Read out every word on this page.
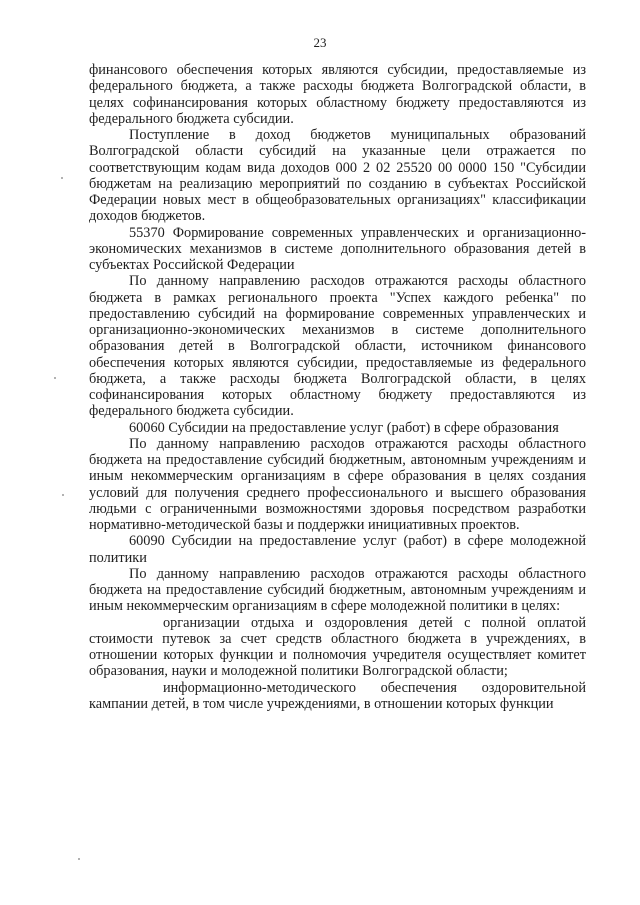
23

финансового обеспечения которых являются субсидии, предоставляемые из федерального бюджета, а также расходы бюджета Волгоградской области, в целях софинансирования которых областному бюджету предоставляются из федерального бюджета субсидии.

Поступление в доход бюджетов муниципальных образований Волгоградской области субсидий на указанные цели отражается по соответствующим кодам вида доходов 000 2 02 25520 00 0000 150 "Субсидии бюджетам на реализацию мероприятий по созданию в субъектах Российской Федерации новых мест в общеобразовательных организациях" классификации доходов бюджетов.

55370 Формирование современных управленческих и организационно-экономических механизмов в системе дополнительного образования детей в субъектах Российской Федерации

По данному направлению расходов отражаются расходы областного бюджета в рамках регионального проекта "Успех каждого ребенка" по предоставлению субсидий на формирование современных управленческих и организационно-экономических механизмов в системе дополнительного образования детей в Волгоградской области, источником финансового обеспечения которых являются субсидии, предоставляемые из федерального бюджета, а также расходы бюджета Волгоградской области, в целях софинансирования которых областному бюджету предоставляются из федерального бюджета субсидии.

60060 Субсидии на предоставление услуг (работ) в сфере образования

По данному направлению расходов отражаются расходы областного бюджета на предоставление субсидий бюджетным, автономным учреждениям и иным некоммерческим организациям в сфере образования в целях создания условий для получения среднего профессионального и высшего образования людьми с ограниченными возможностями здоровья посредством разработки нормативно-методической базы и поддержки инициативных проектов.

60090 Субсидии на предоставление услуг (работ) в сфере молодежной политики

По данному направлению расходов отражаются расходы областного бюджета на предоставление субсидий бюджетным, автономным учреждениям и иным некоммерческим организациям в сфере молодежной политики в целях:

организации отдыха и оздоровления детей с полной оплатой стоимости путевок за счет средств областного бюджета в учреждениях, в отношении которых функции и полномочия учредителя осуществляет комитет образования, науки и молодежной политики Волгоградской области;

информационно-методического обеспечения оздоровительной кампании детей, в том числе учреждениями, в отношении которых функции
